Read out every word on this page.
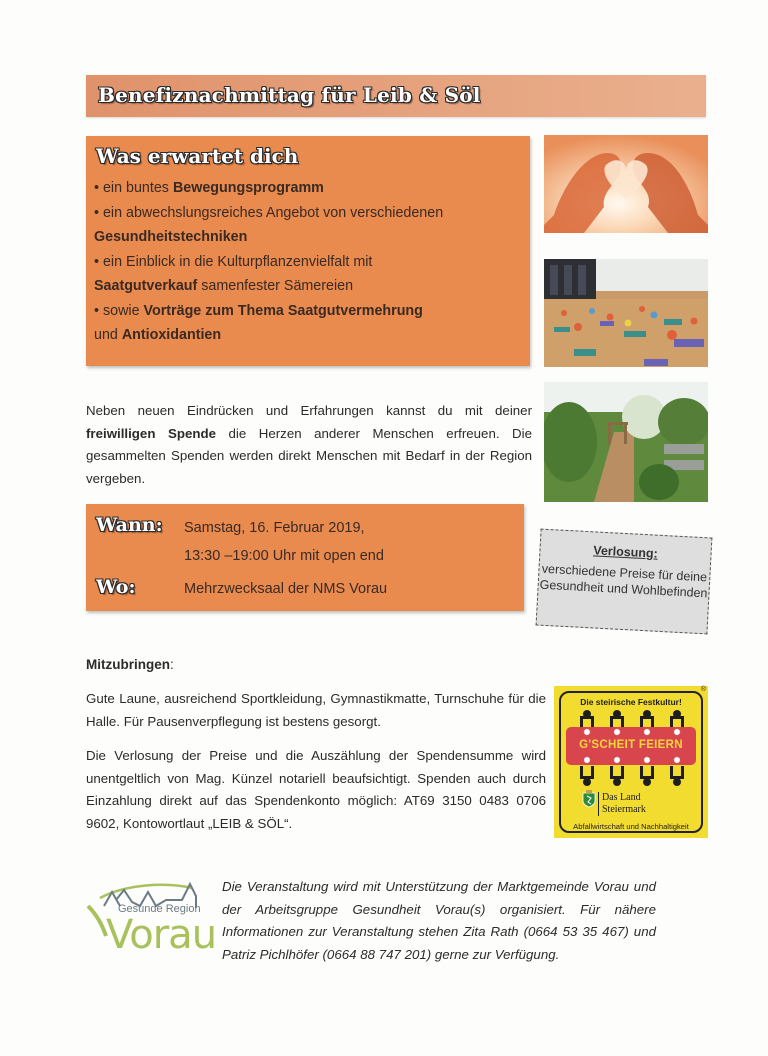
Benefiznachmittag für Leib & Söl
Was erwartet dich
• ein buntes Bewegungsprogramm
• ein abwechslungsreiches Angebot von verschiedenen
Gesundheitstechniken
• ein Einblick in die Kulturpflanzenvielfalt mit
Saatgutverkauf samenfester Sämereien
• sowie Vorträge zum Thema Saatgutvermehrung
und Antioxidantien
Neben neuen Eindrücken und Erfahrungen kannst du mit deiner freiwilligen Spende die Herzen anderer Menschen erfreuen. Die gesammelten Spenden werden direkt Menschen mit Bedarf in der Region vergeben.
Wann: Samstag, 16. Februar 2019,
13:30 –19:00 Uhr mit open end
Wo:	Mehrzwecksaal der NMS Vorau
Verlosung:
verschiedene Preise für deine Gesundheit und Wohlbefinden
Mitzubringen:
Gute Laune, ausreichend Sportkleidung, Gymnastikmatte, Turnschuhe für die Halle. Für Pausenverpflegung ist bestens gesorgt.
Die Verlosung der Preise und die Auszählung der Spendensumme wird unentgeltlich von Mag. Künzel notariell beaufsichtigt. Spenden auch durch Einzahlung direkt auf das Spendenkonto möglich: AT69 3150 0483 0706 9602, Kontowortlaut „LEIB & SÖL“.
®
Die steirische Festkultur!
G'SCHEIT FEIERN
Das Land
Steiermark
Abfallwirtschaft und Nachhaltigkeit
Gesunde Region
Vorau
Die Veranstaltung wird mit Unterstützung der Marktgemeinde Vorau und der Arbeitsgruppe Gesundheit Vorau(s) organisiert. Für nähere Informationen zur Veranstaltung stehen Zita Rath (0664 53 35 467) und Patriz Pichlhöfer (0664 88 747 201) gerne zur Verfügung.
